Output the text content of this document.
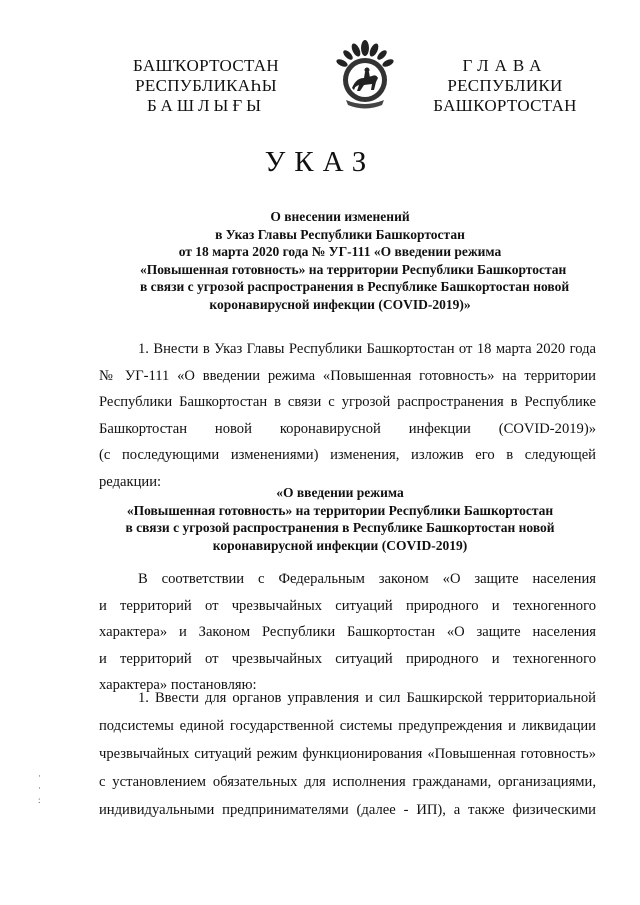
БАШҠОРТОСТАН
РЕСПУБЛИКАҺЫ
БАШЛЫҒЫ
ГЛАВА
РЕСПУБЛИКИ
БАШКОРТОСТАН
УКАЗ
О внесении изменений
в Указ Главы Республики Башкортостан
от 18 марта 2020 года № УГ-111 «О введении режима
«Повышенная готовность» на территории Республики Башкортостан
в связи с угрозой распространения в Республике Башкортостан новой
коронавирусной инфекции (COVID-2019)»
1. Внести в Указ Главы Республики Башкортостан от 18 марта 2020 года
№ УГ-111 «О введении режима «Повышенная готовность» на территории
Республики Башкортостан в связи с угрозой распространения в Республике
Башкортостан новой коронавирусной инфекции (COVID-2019)»
(с последующими изменениями) изменения, изложив его в следующей
редакции:
«О введении режима
«Повышенная готовность» на территории Республики Башкортостан
в связи с угрозой распространения в Республике Башкортостан новой
коронавирусной инфекции (COVID-2019)
В соответствии с Федеральным законом «О защите населения
и территорий от чрезвычайных ситуаций природного и техногенного
характера» и Законом Республики Башкортостан «О защите населения
и территорий от чрезвычайных ситуаций природного и техногенного
характера» постановляю:
1. Ввести для органов управления и сил Башкирской территориальной
подсистемы единой государственной системы предупреждения и ликвидации
чрезвычайных ситуаций режим функционирования «Повышенная готовность»
с установлением обязательных для исполнения гражданами, организациями,
индивидуальными предпринимателями (далее - ИП), а также физическими
·
·
:
